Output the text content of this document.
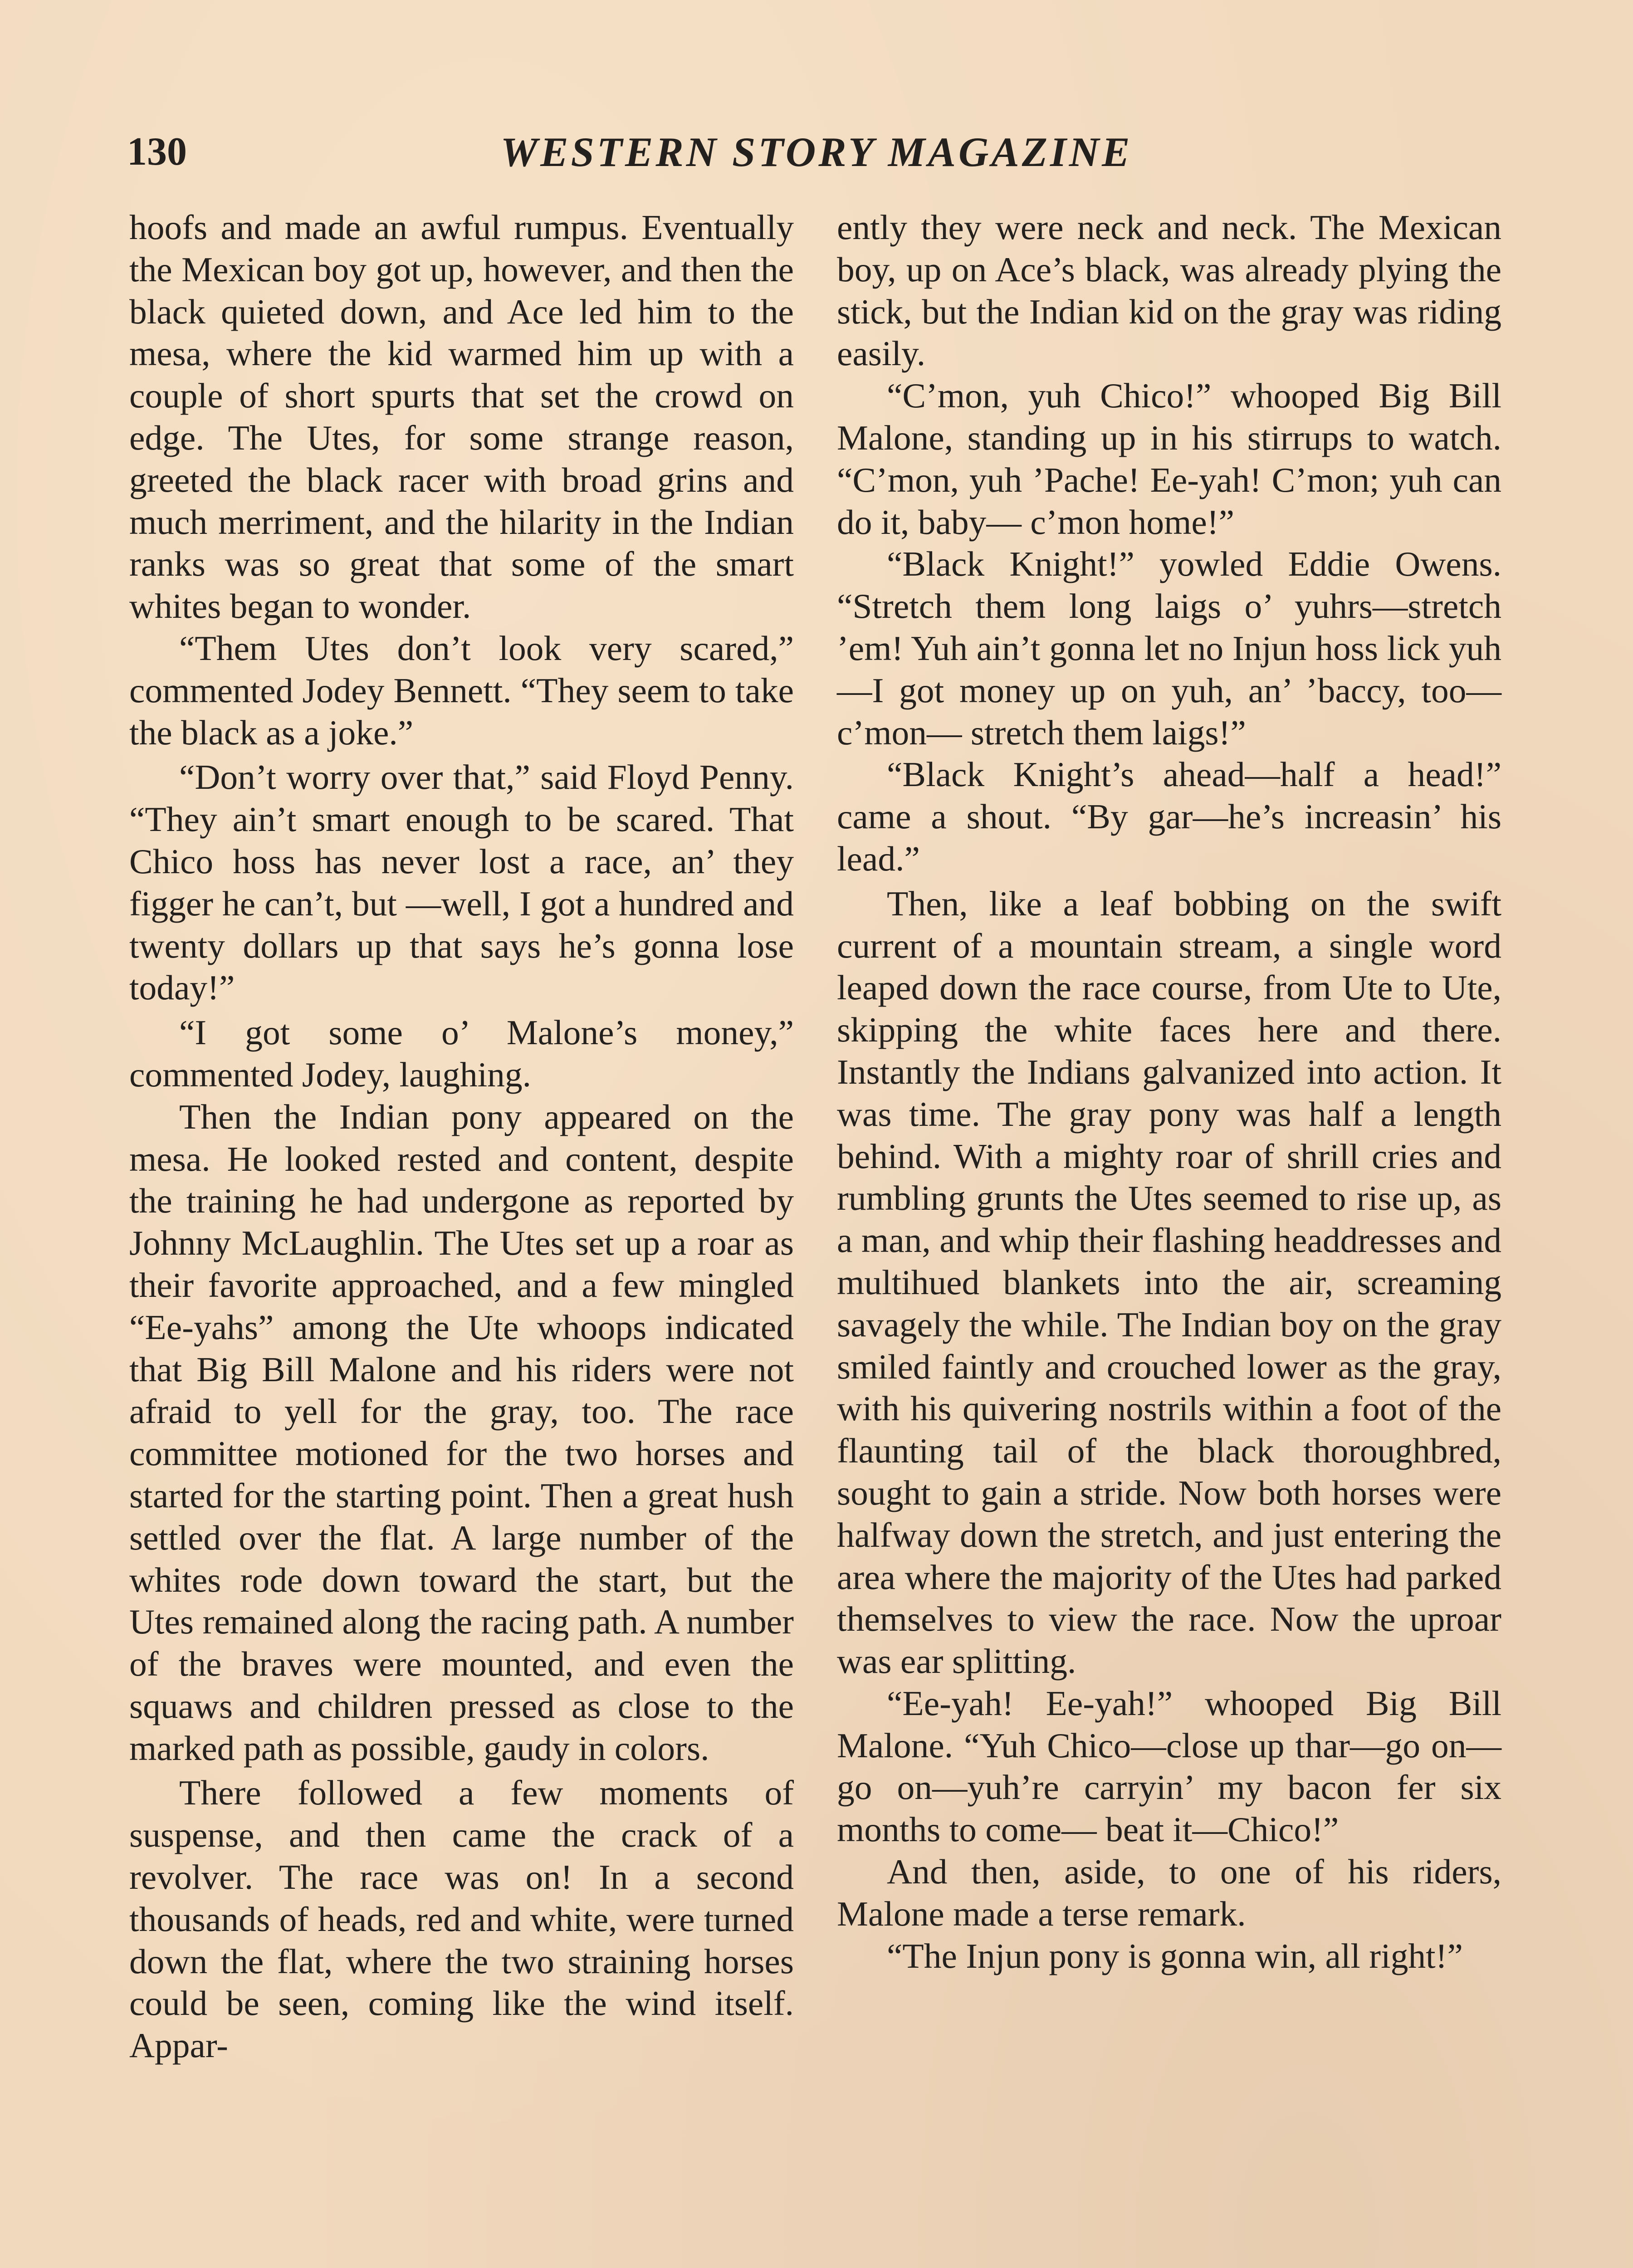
130	WESTERN STORY MAGAZINE

hoofs and made an awful rumpus. Eventually the Mexican boy got up, however, and then the black quieted down, and Ace led him to the mesa, where the kid warmed him up with a couple of short spurts that set the crowd on edge. The Utes, for some strange reason, greeted the black racer with broad grins and much merriment, and the hilarity in the Indian ranks was so great that some of the smart whites began to wonder.

“Them Utes don’t look very scared,” commented Jodey Bennett. “They seem to take the black as a joke.”

“Don’t worry over that,” said Floyd Penny. “They ain’t smart enough to be scared. That Chico hoss has never lost a race, an’ they figger he can’t, but —well, I got a hundred and twenty dollars up that says he’s gonna lose today!”

“I got some o’ Malone’s money,” commented Jodey, laughing.

Then the Indian pony appeared on the mesa. He looked rested and content, despite the training he had undergone as reported by Johnny McLaughlin. The Utes set up a roar as their favorite approached, and a few mingled “Ee-yahs” among the Ute whoops indicated that Big Bill Malone and his riders were not afraid to yell for the gray, too. The race committee motioned for the two horses and started for the starting point. Then a great hush settled over the flat. A large number of the whites rode down toward the start, but the Utes remained along the racing path. A number of the braves were mounted, and even the squaws and children pressed as close to the marked path as possible, gaudy in colors.

There followed a few moments of suspense, and then came the crack of a revolver. The race was on! In a second thousands of heads, red and white, were turned down the flat, where the two straining horses could be seen, coming like the wind itself. Appar-

ently they were neck and neck. The Mexican boy, up on Ace’s black, was already plying the stick, but the Indian kid on the gray was riding easily.

“C’mon, yuh Chico!” whooped Big Bill Malone, standing up in his stirrups to watch. “C’mon, yuh ’Pache! Ee-yah! C’mon; yuh can do it, baby— c’mon home!”

“Black Knight!” yowled Eddie Owens. “Stretch them long laigs o’ yuhrs—stretch ’em! Yuh ain’t gonna let no Injun hoss lick yuh—I got money up on yuh, an’ ’baccy, too—c’mon— stretch them laigs!”

“Black Knight’s ahead—half a head!” came a shout. “By gar—he’s increasin’ his lead.”

Then, like a leaf bobbing on the swift current of a mountain stream, a single word leaped down the race course, from Ute to Ute, skipping the white faces here and there. Instantly the Indians galvanized into action. It was time. The gray pony was half a length behind. With a mighty roar of shrill cries and rumbling grunts the Utes seemed to rise up, as a man, and whip their flashing headdresses and multihued blankets into the air, screaming savagely the while. The Indian boy on the gray smiled faintly and crouched lower as the gray, with his quivering nostrils within a foot of the flaunting tail of the black thoroughbred, sought to gain a stride. Now both horses were halfway down the stretch, and just entering the area where the majority of the Utes had parked themselves to view the race. Now the uproar was ear splitting.

“Ee-yah! Ee-yah!” whooped Big Bill Malone. “Yuh Chico—close up thar—go on—go on—yuh’re carryin’ my bacon fer six months to come— beat it—Chico!”

And then, aside, to one of his riders, Malone made a terse remark.

“The Injun pony is gonna win, all right!”
